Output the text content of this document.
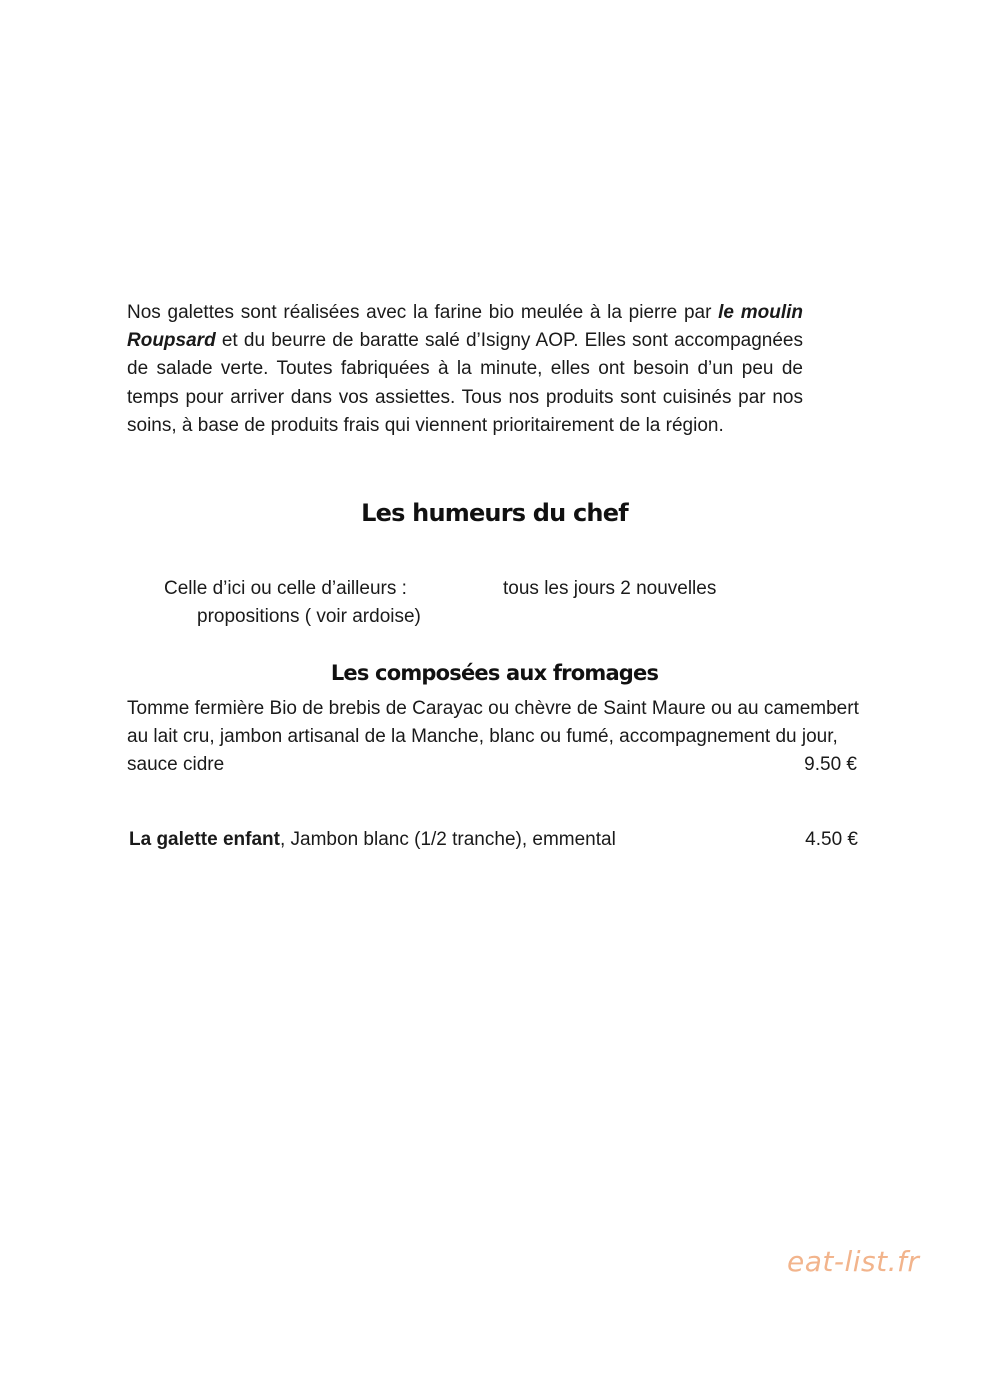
Nos galettes sont réalisées avec la farine bio meulée à la pierre par le moulin Roupsard et du beurre de baratte salé d’Isigny AOP. Elles sont accompagnées de salade verte. Toutes fabriquées à la minute, elles ont besoin d’un peu de temps pour arriver dans vos assiettes. Tous nos produits sont cuisinés par nos soins, à base de produits frais qui viennent prioritairement de la région.

Les humeurs du chef
Celle d’ici ou celle d’ailleurs :	tous les jours 2 nouvelles
propositions ( voir ardoise)
Les composées aux fromages
Tomme fermière Bio de brebis de Carayac ou chèvre de Saint Maure ou au camembert au lait cru, jambon artisanal de la Manche, blanc ou fumé, accompagnement du jour, sauce cidre	9.50 €
La galette enfant, Jambon blanc (1/2 tranche), emmental	4.50 €
eat-list.fr
